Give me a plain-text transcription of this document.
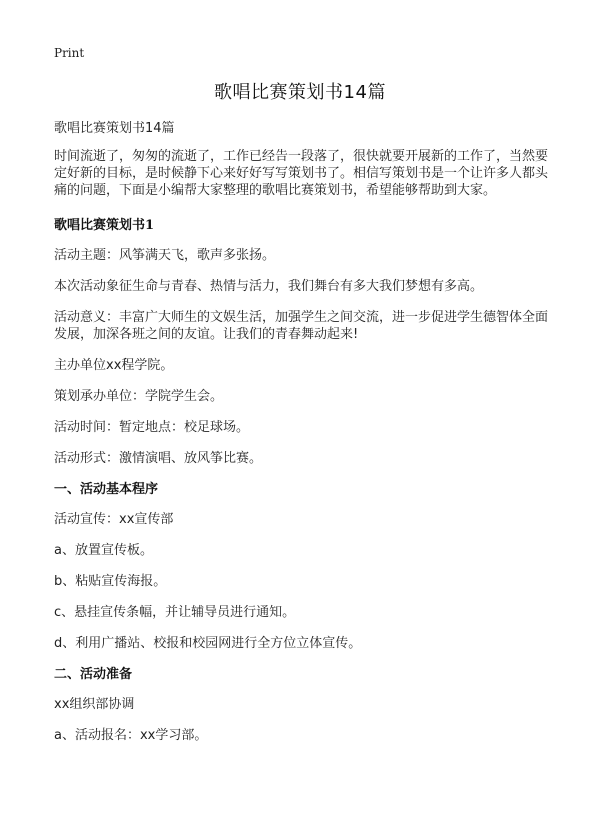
Print
歌唱比赛策划书14篇

歌唱比赛策划书14篇

时间流逝了，匆匆的流逝了，工作已经告一段落了，很快就要开展新的工作了，当然要定好新的目标，是时候静下心来好好写写策划书了。相信写策划书是一个让许多人都头痛的问题，下面是小编帮大家整理的歌唱比赛策划书，希望能够帮助到大家。

歌唱比赛策划书1

活动主题：风筝满天飞，歌声多张扬。

本次活动象征生命与青春、热情与活力，我们舞台有多大我们梦想有多高。

活动意义：丰富广大师生的文娱生活，加强学生之间交流，进一步促进学生德智体全面发展，加深各班之间的友谊。让我们的青春舞动起来!

主办单位xx程学院。

策划承办单位：学院学生会。

活动时间：暂定地点：校足球场。

活动形式：激情演唱、放风筝比赛。

一、活动基本程序

活动宣传：xx宣传部

a、放置宣传板。

b、粘贴宣传海报。

c、悬挂宣传条幅，并让辅导员进行通知。

d、利用广播站、校报和校园网进行全方位立体宣传。

二、活动准备

xx组织部协调

a、活动报名：xx学习部。
